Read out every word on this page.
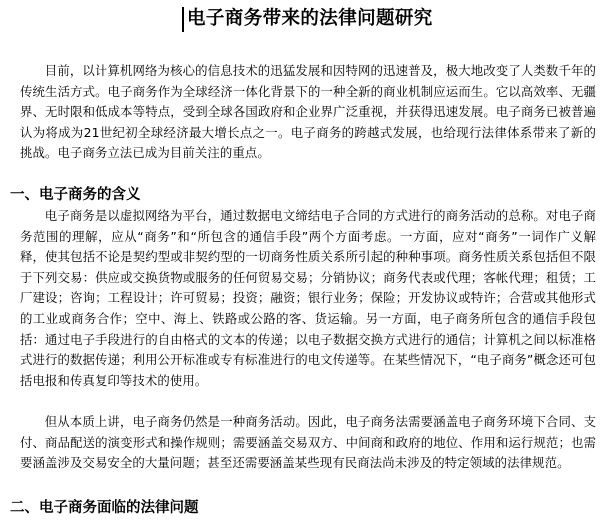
电子商务带来的法律问题研究
目前，以计算机网络为核心的信息技术的迅猛发展和因特网的迅速普及，极大地改变了人类数千年的传统生活方式。电子商务作为全球经济一体化背景下的一种全新的商业机制应运而生。它以高效率、无疆界、无时限和低成本等特点，受到全球各国政府和企业界广泛重视，并获得迅速发展。电子商务已被普遍认为将成为21世纪初全球经济最大增长点之一。电子商务的跨越式发展，也给现行法律体系带来了新的挑战。电子商务立法已成为目前关注的重点。
一、电子商务的含义
电子商务是以虚拟网络为平台，通过数据电文缔结电子合同的方式进行的商务活动的总称。对电子商务范围的理解，应从“商务”和“所包含的通信手段”两个方面考虑。一方面，应对“商务”一词作广义解释，使其包括不论是契约型或非契约型的一切商务性质关系所引起的种种事项。商务性质关系包括但不限于下列交易：供应或交换货物或服务的任何贸易交易；分销协议；商务代表或代理；客帐代理；租赁；工厂建设；咨询；工程设计；许可贸易；投资；融资；银行业务；保险；开发协议或特许；合营或其他形式的工业或商务合作；空中、海上、铁路或公路的客、货运输。另一方面，电子商务所包含的通信手段包括：通过电子手段进行的自由格式的文本的传递；以电子数据交换方式进行的通信；计算机之间以标准格式进行的数据传递；利用公开标准或专有标准进行的电文传递等。在某些情况下，“电子商务”概念还可包括电报和传真复印等技术的使用。
但从本质上讲，电子商务仍然是一种商务活动。因此，电子商务法需要涵盖电子商务环境下合同、支付、商品配送的演变形式和操作规则；需要涵盖交易双方、中间商和政府的地位、作用和运行规范；也需要涵盖涉及交易安全的大量问题；甚至还需要涵盖某些现有民商法尚未涉及的特定领域的法律规范。
二、电子商务面临的法律问题
